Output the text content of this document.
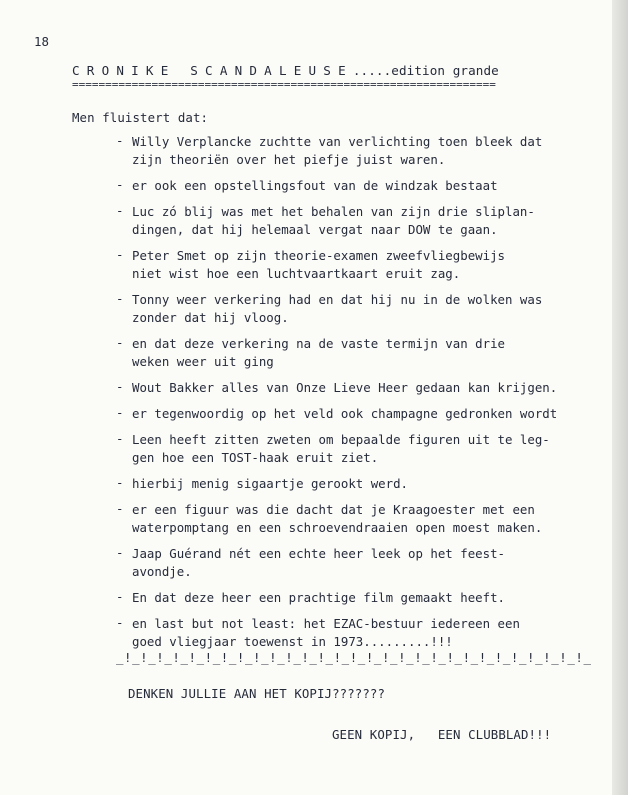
18
CRONIKE SCANDALEUSE.....edition grande
================================================================
Men fluistert dat:
- Willy Verplancke zuchtte van verlichting toen bleek dat
zijn theoriën over het piefje juist waren.
- er ook een opstellingsfout van de windzak bestaat
- Luc zó blij was met het behalen van zijn drie sliplan-
dingen, dat hij helemaal vergat naar DOW te gaan.
- Peter Smet op zijn theorie-examen zweefvliegbewijs
niet wist hoe een luchtvaartkaart eruit zag.
- Tonny weer verkering had en dat hij nu in de wolken was
zonder dat hij vloog.
- en dat deze verkering na de vaste termijn van drie
weken weer uit ging
- Wout Bakker alles van Onze Lieve Heer gedaan kan krijgen.
- er tegenwoordig op het veld ook champagne gedronken wordt
- Leen heeft zitten zweten om bepaalde figuren uit te leg-
gen hoe een TOST-haak eruit ziet.
- hierbij menig sigaartje gerookt werd.
- er een figuur was die dacht dat je Kraagoester met een
waterpomptang en een schroevendraaien open moest maken.
- Jaap Guérand nét een echte heer leek op het feest-
avondje.
- En dat deze heer een prachtige film gemaakt heeft.
- en last but not least: het EZAC-bestuur iedereen een
goed vliegjaar toewenst in 1973.........!!!
_!_!_!_!_!_!_!_!_!_!_!_!_!_!_!_!_!_!_!_!_!_!_!_!_!_!_!_!_!_
DENKEN JULLIE AAN HET KOPIJ???????
GEEN KOPIJ,   EEN CLUBBLAD!!!
